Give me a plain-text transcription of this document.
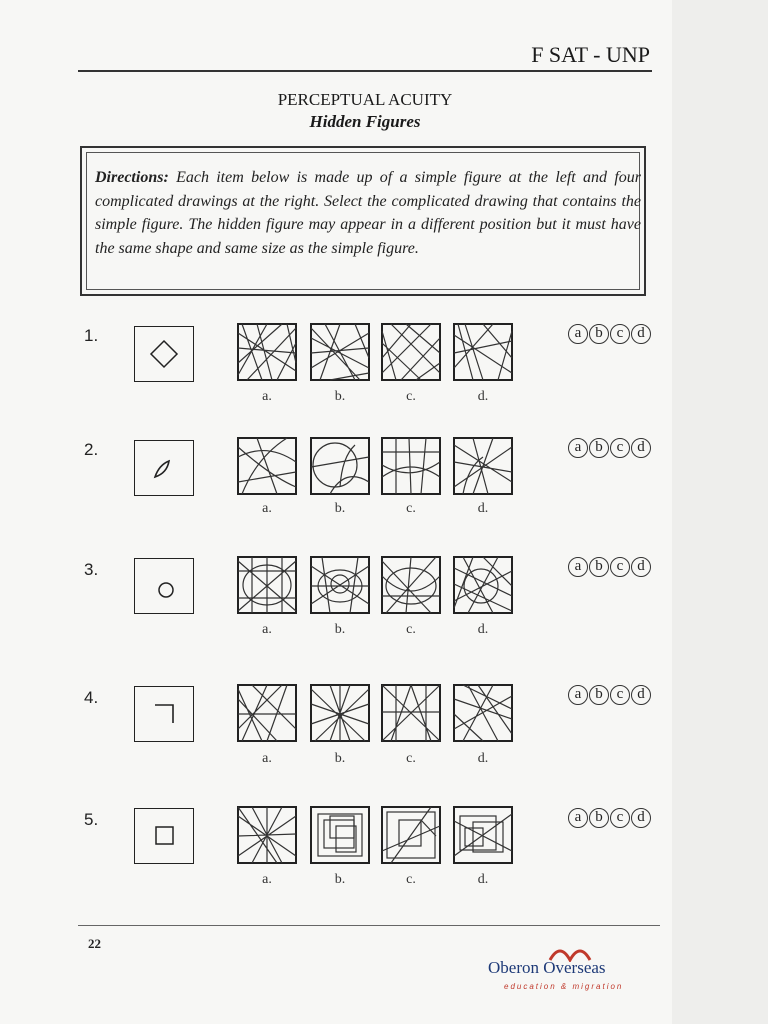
F SAT - UNP
PERCEPTUAL ACUITY
Hidden Figures
Directions: Each item below is made up of a simple figure at the left and four complicated drawings at the right. Select the complicated drawing that contains the simple figure. The hidden figure may appear in a different position but it must have the same shape and same size as the simple figure.
1.
a.	b.	c.	d.
a b c d
2.
a.	b.	c.	d.
a b c d
3.
a.	b.	c.	d.
a b c d
4.
a.	b.	c.	d.
a b c d
5.
a.	b.	c.	d.
a b c d
22
Oberon Overseas
education & migration
